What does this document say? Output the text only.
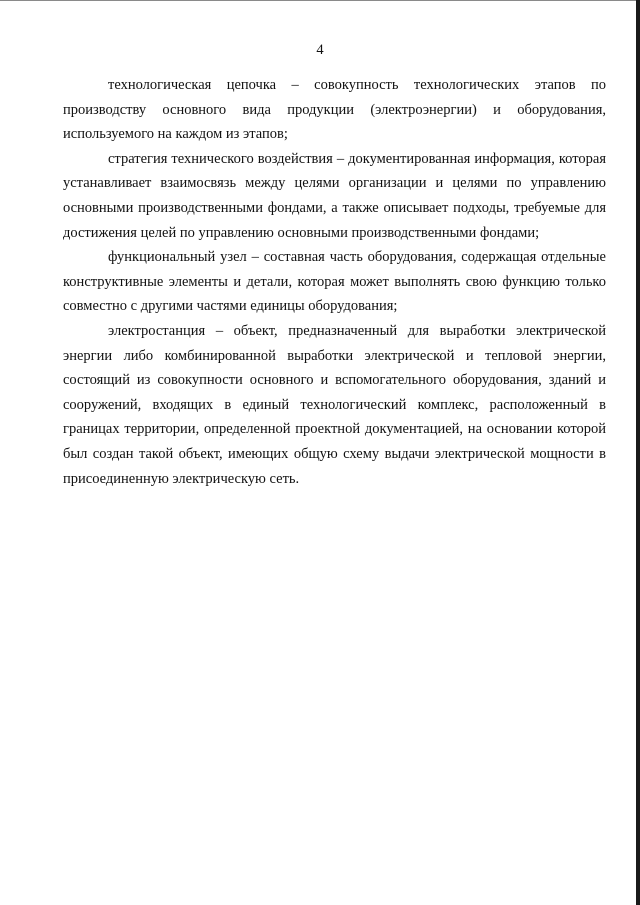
4

технологическая цепочка – совокупность технологических этапов по производству основного вида продукции (электроэнергии) и оборудования, используемого на каждом из этапов;

стратегия технического воздействия – документированная информация, которая устанавливает взаимосвязь между целями организации и целями по управлению основными производственными фондами, а также описывает подходы, требуемые для достижения целей по управлению основными производственными фондами;

функциональный узел – составная часть оборудования, содержащая отдельные конструктивные элементы и детали, которая может выполнять свою функцию только совместно с другими частями единицы оборудования;

электростанция – объект, предназначенный для выработки электрической энергии либо комбинированной выработки электрической и тепловой энергии, состоящий из совокупности основного и вспомогательного оборудования, зданий и сооружений, входящих в единый технологический комплекс, расположенный в границах территории, определенной проектной документацией, на основании которой был создан такой объект, имеющих общую схему выдачи электрической мощности в присоединенную электрическую сеть.
